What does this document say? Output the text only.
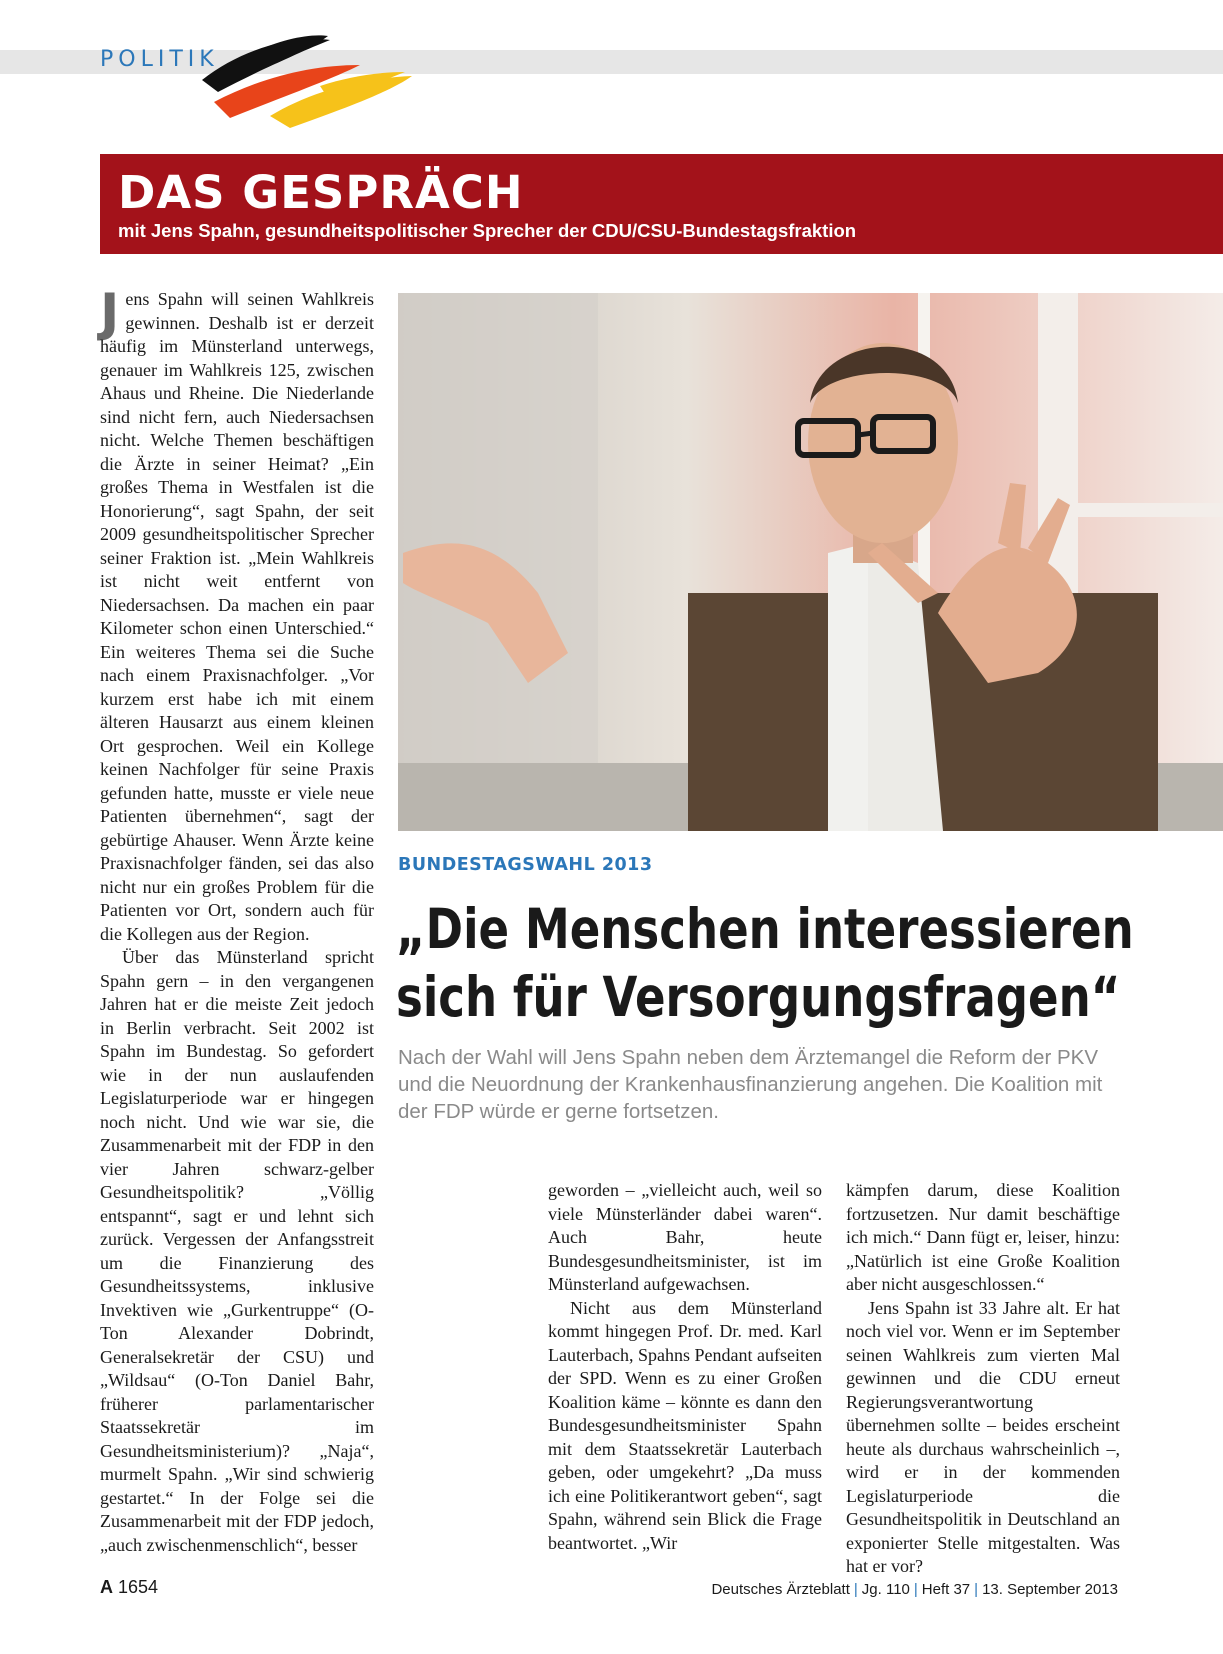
POLITIK
DAS GESPRÄCH
mit Jens Spahn, gesundheitspolitischer Sprecher der CDU/CSU-Bundestagsfraktion

Jens Spahn will seinen Wahlkreis gewinnen. Deshalb ist er derzeit häufig im Münsterland unterwegs, genauer im Wahlkreis 125, zwischen Ahaus und Rheine. Die Niederlande sind nicht fern, auch Niedersachsen nicht. Welche Themen beschäftigen die Ärzte in seiner Heimat? „Ein großes Thema in Westfalen ist die Honorierung“, sagt Spahn, der seit 2009 gesundheitspolitischer Sprecher seiner Fraktion ist. „Mein Wahlkreis ist nicht weit entfernt von Niedersachsen. Da machen ein paar Kilometer schon einen Unterschied.“ Ein weiteres Thema sei die Suche nach einem Praxisnachfolger. „Vor kurzem erst habe ich mit einem älteren Hausarzt aus einem kleinen Ort gesprochen. Weil ein Kollege keinen Nachfolger für seine Praxis gefunden hatte, musste er viele neue Patienten übernehmen“, sagt der gebürtige Ahauser. Wenn Ärzte keine Praxisnachfolger fänden, sei das also nicht nur ein großes Problem für die Patienten vor Ort, sondern auch für die Kollegen aus der Region.

Über das Münsterland spricht Spahn gern – in den vergangenen Jahren hat er die meiste Zeit jedoch in Berlin verbracht. Seit 2002 ist Spahn im Bundestag. So gefordert wie in der nun auslaufenden Legislaturperiode war er hingegen noch nicht. Und wie war sie, die Zusammenarbeit mit der FDP in den vier Jahren schwarz-gelber Gesundheitspolitik? „Völlig entspannt“, sagt er und lehnt sich zurück. Vergessen der Anfangsstreit um die Finanzierung des Gesundheitssystems, inklusive Invektiven wie „Gurkentruppe“ (O-Ton Alexander Dobrindt, Generalsekretär der CSU) und „Wildsau“ (O-Ton Daniel Bahr, früherer parlamentarischer Staatssekretär im Gesundheitsministerium)? „Naja“, murmelt Spahn. „Wir sind schwierig gestartet.“ In der Folge sei die Zusammenarbeit mit der FDP jedoch, „auch zwischenmenschlich“, besser

BUNDESTAGSWAHL 2013
„Die Menschen interessieren
sich für Versorgungsfragen“

Nach der Wahl will Jens Spahn neben dem Ärztemangel die Reform der PKV und die Neuordnung der Krankenhausfinanzierung angehen. Die Koalition mit der FDP würde er gerne fortsetzen.

geworden – „vielleicht auch, weil so viele Münsterländer dabei waren“. Auch Bahr, heute Bundesgesundheitsminister, ist im Münsterland aufgewachsen.

Nicht aus dem Münsterland kommt hingegen Prof. Dr. med. Karl Lauterbach, Spahns Pendant aufseiten der SPD. Wenn es zu einer Großen Koalition käme – könnte es dann den Bundesgesundheitsminister Spahn mit dem Staatssekretär Lauterbach geben, oder umgekehrt? „Da muss ich eine Politikerantwort geben“, sagt Spahn, während sein Blick die Frage beantwortet. „Wir

kämpfen darum, diese Koalition fortzusetzen. Nur damit beschäftige ich mich.“ Dann fügt er, leiser, hinzu: „Natürlich ist eine Große Koalition aber nicht ausgeschlossen.“

Jens Spahn ist 33 Jahre alt. Er hat noch viel vor. Wenn er im September seinen Wahlkreis zum vierten Mal gewinnen und die CDU erneut Regierungsverantwortung übernehmen sollte – beides erscheint heute als durchaus wahrscheinlich –, wird er in der kommenden Legislaturperiode die Gesundheitspolitik in Deutschland an exponierter Stelle mitgestalten. Was hat er vor?

A 1654	Deutsches Ärzteblatt | Jg. 110 | Heft 37 | 13. September 2013
